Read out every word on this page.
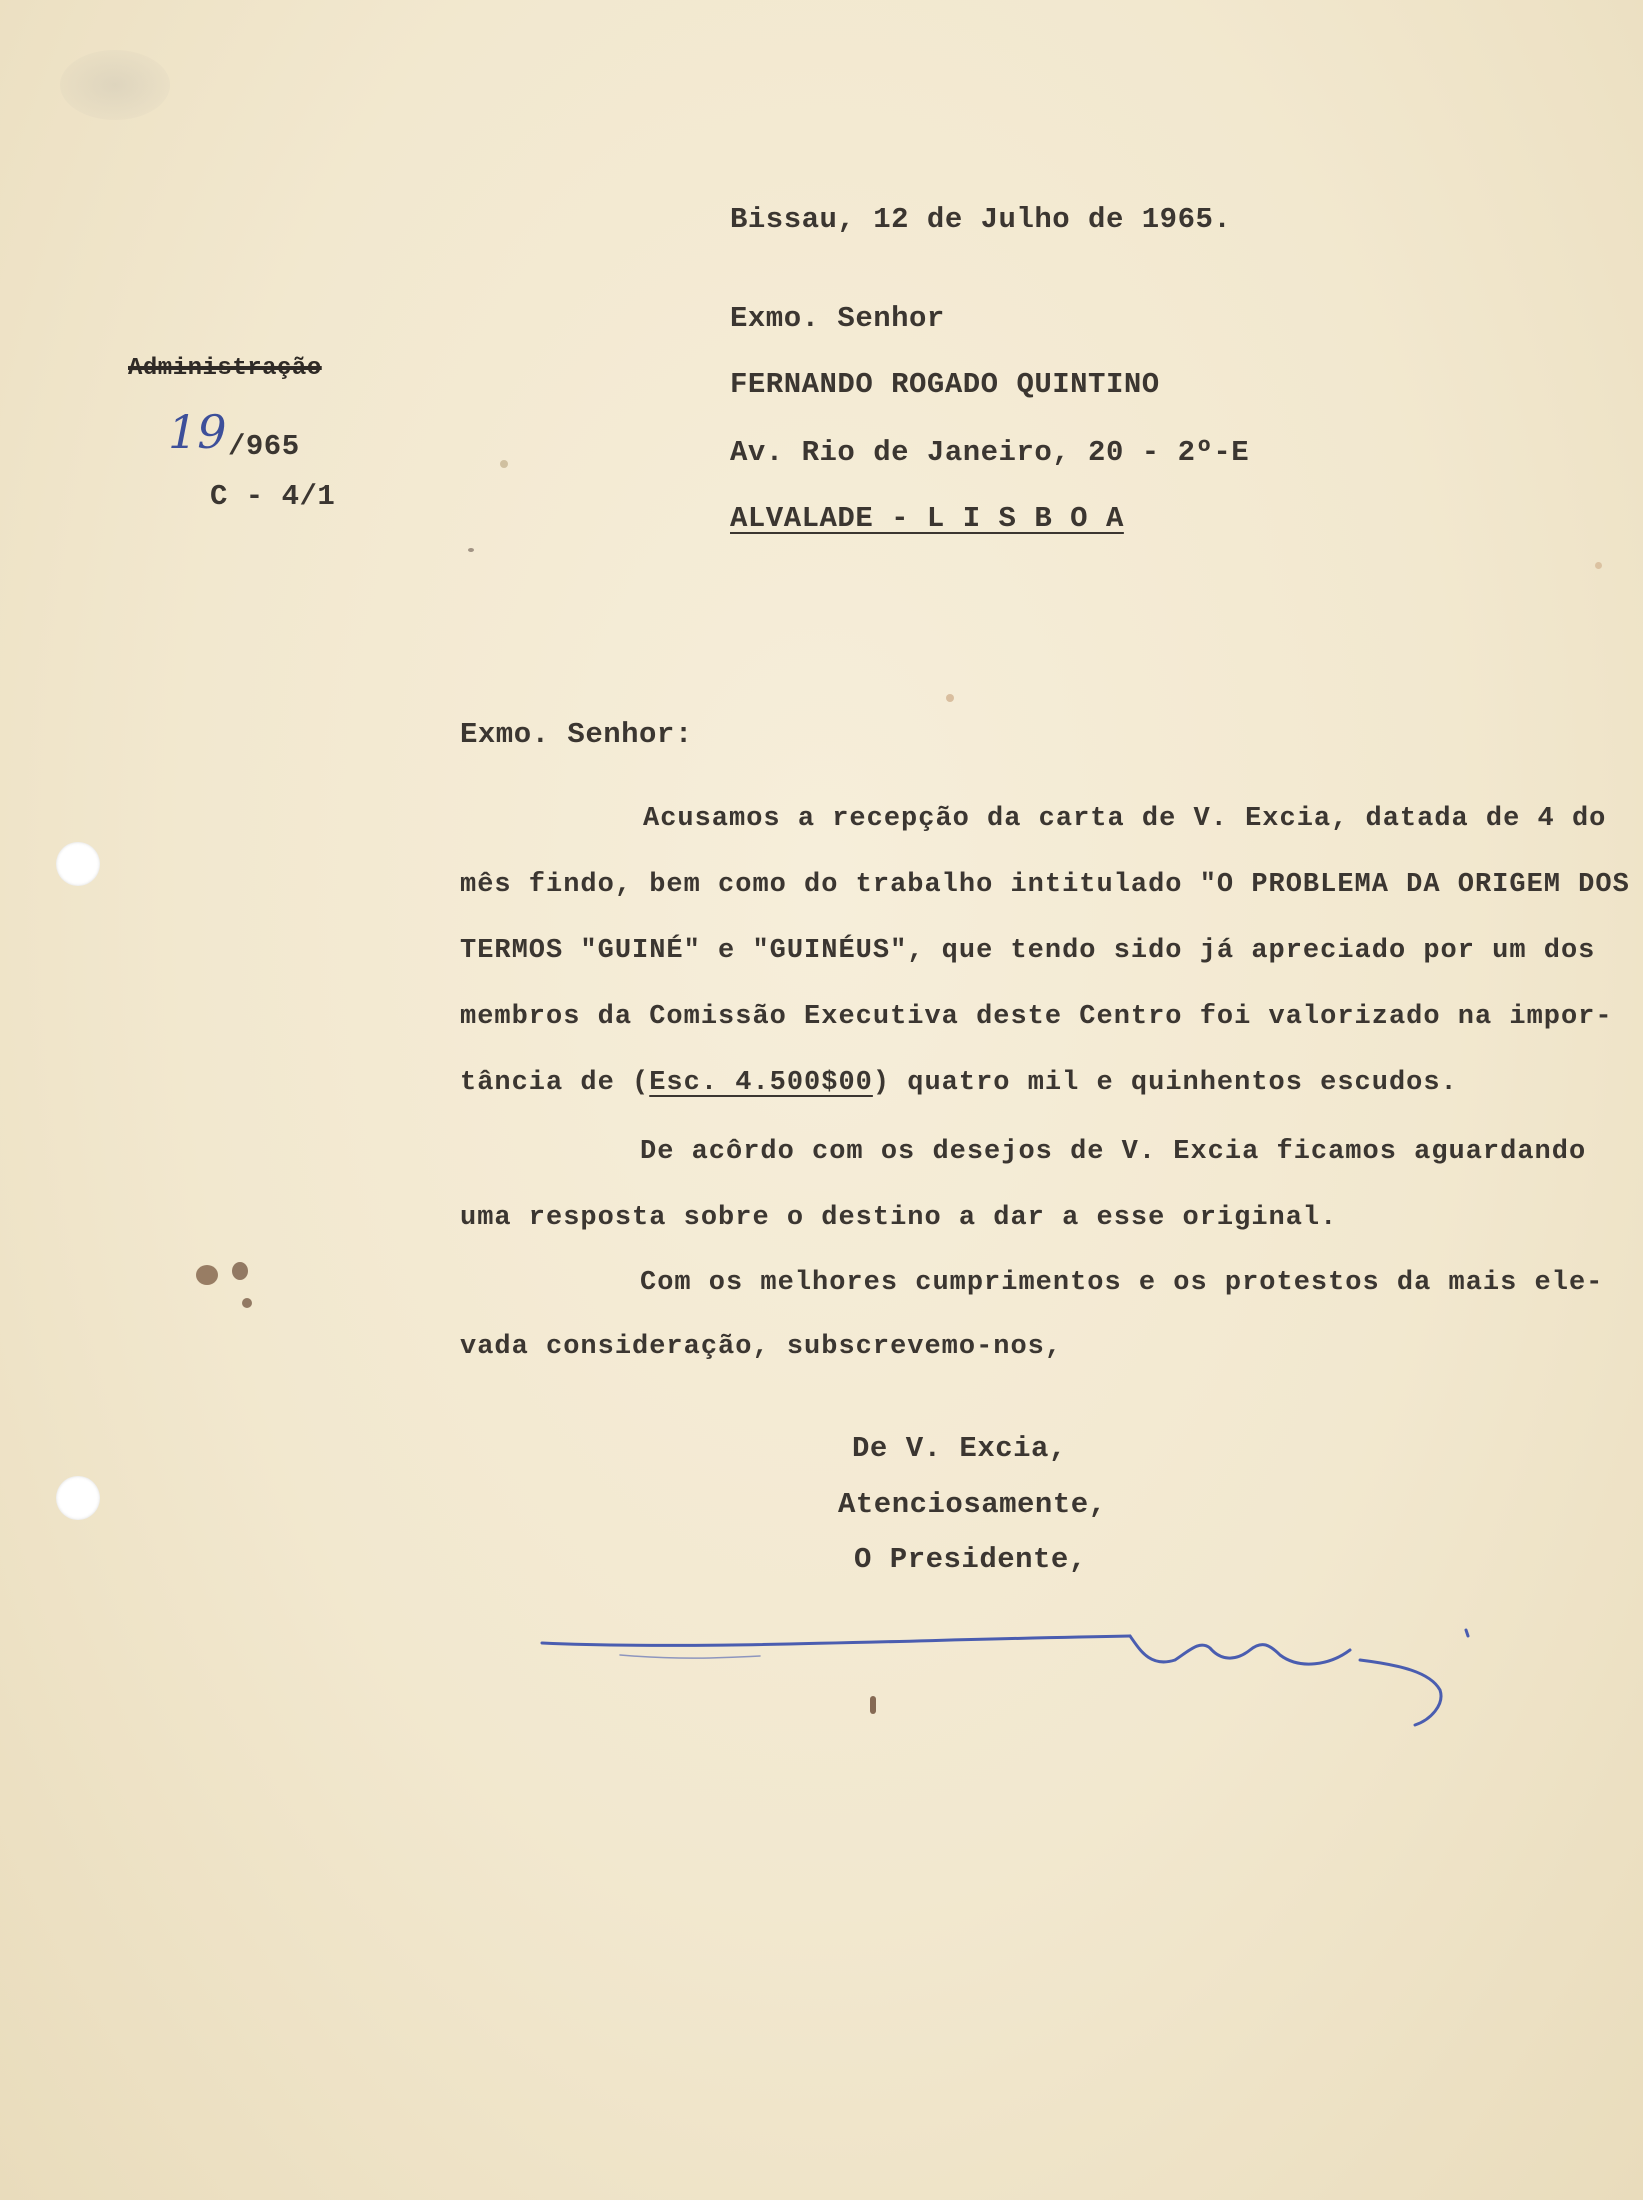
Bissau, 12 de Julho de 1965.
Exmo. Senhor
FERNANDO ROGADO QUINTINO
Av. Rio de Janeiro, 20 - 2º-E
ALVALADE - L I S B O A
Administração
19 /965
C - 4/1
Exmo. Senhor:
Acusamos a recepção da carta de V. Excia, datada de 4 do
mês findo, bem como do trabalho intitulado "O PROBLEMA DA ORIGEM DOS
TERMOS "GUINÉ" e "GUINÉUS", que tendo sido já apreciado por um dos
membros da Comissão Executiva deste Centro foi valorizado na impor-
tância de (Esc. 4.500$00) quatro mil e quinhentos escudos.
De acôrdo com os desejos de V. Excia ficamos aguardando
uma resposta sobre o destino a dar a esse original.
Com os melhores cumprimentos e os protestos da mais ele-
vada consideração, subscrevemo-nos,
De V. Excia,
Atenciosamente,
O Presidente,
